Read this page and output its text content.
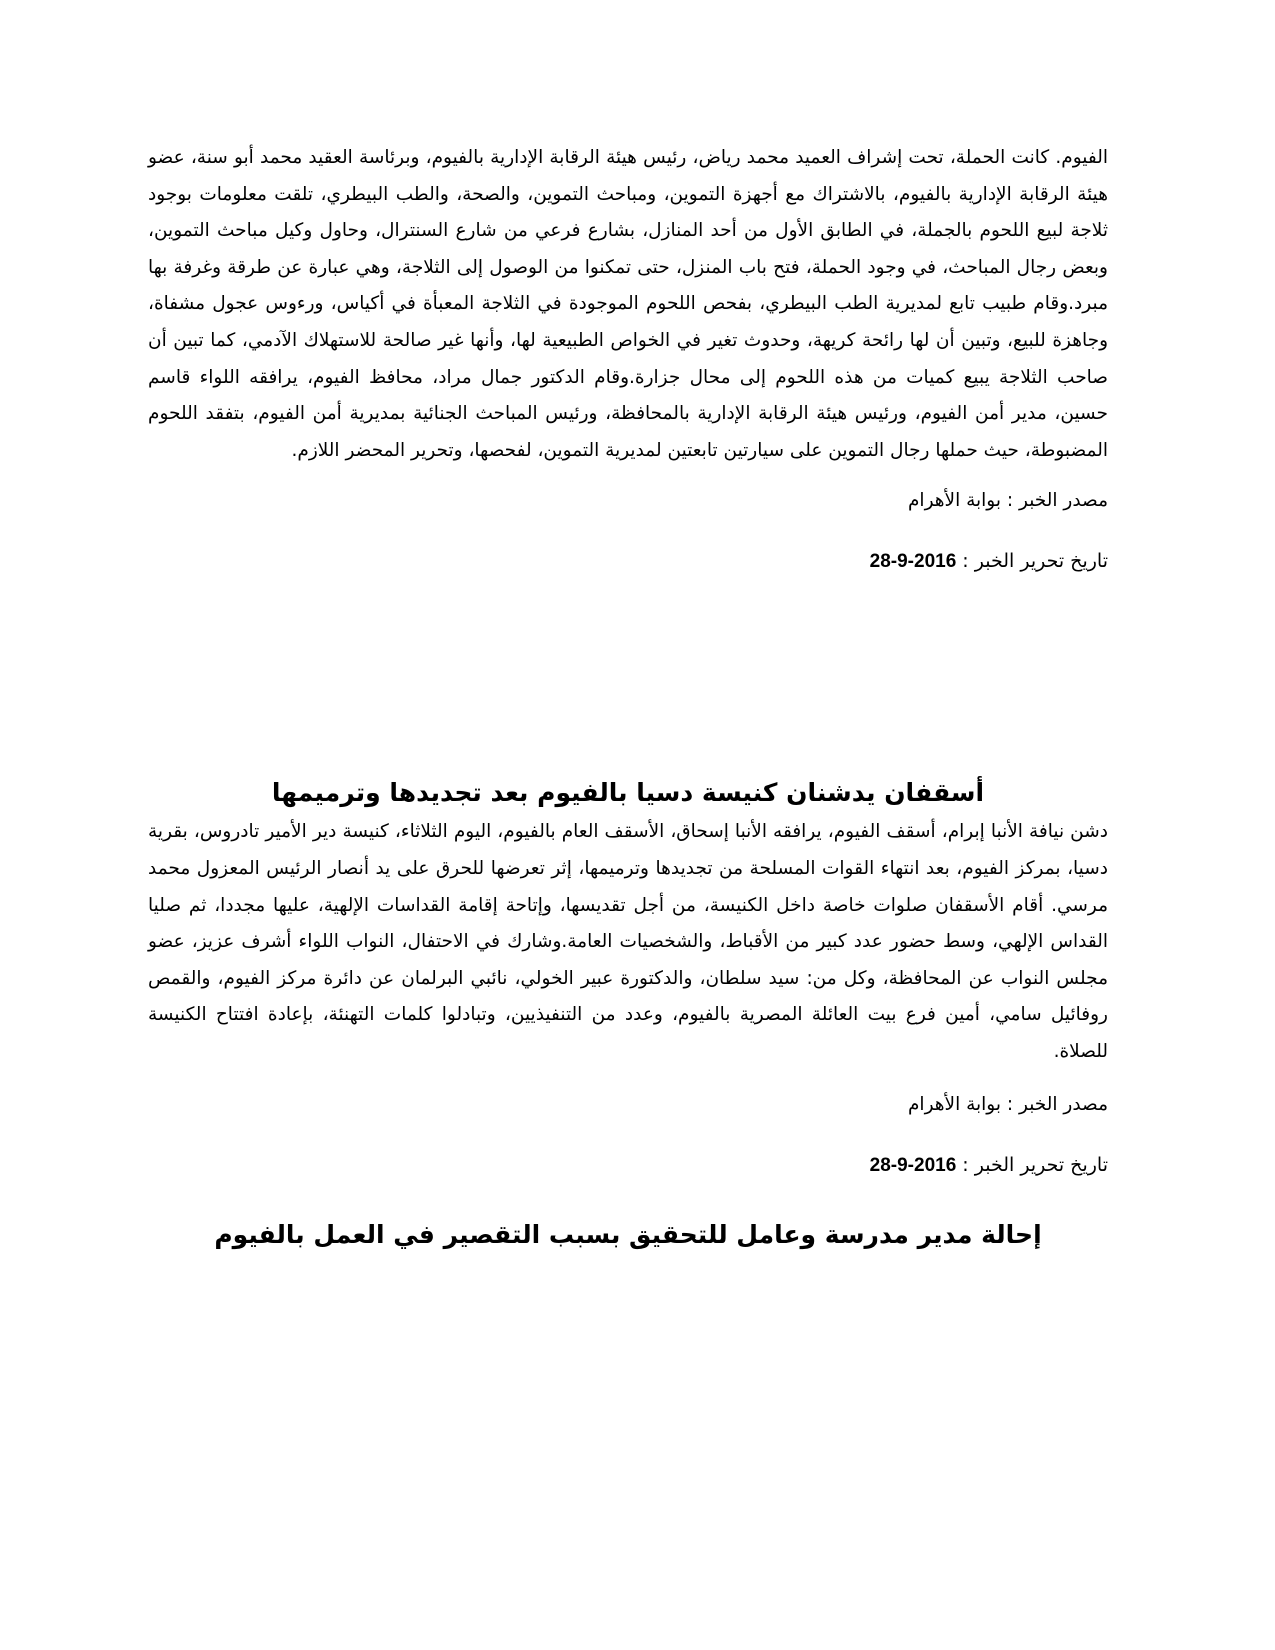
الفيوم. كانت الحملة، تحت إشراف العميد محمد رياض، رئيس هيئة الرقابة الإدارية بالفيوم، وبرئاسة العقيد محمد أبو سنة، عضو هيئة الرقابة الإدارية بالفيوم، بالاشتراك مع أجهزة التموين، ومباحث التموين، والصحة، والطب البيطري، تلقت معلومات بوجود ثلاجة لبيع اللحوم بالجملة، في الطابق الأول من أحد المنازل، بشارع فرعي من شارع السنترال، وحاول وكيل مباحث التموين، وبعض رجال المباحث، في وجود الحملة، فتح باب المنزل، حتى تمكنوا من الوصول إلى الثلاجة، وهي عبارة عن طرقة وغرفة بها مبرد.وقام طبيب تابع لمديرية الطب البيطري، بفحص اللحوم الموجودة في الثلاجة المعبأة في أكياس، ورءوس عجول مشفاة، وجاهزة للبيع، وتبين أن لها رائحة كريهة، وحدوث تغير في الخواص الطبيعية لها، وأنها غير صالحة للاستهلاك الآدمي، كما تبين أن صاحب الثلاجة يبيع كميات من هذه اللحوم إلى محال جزارة.وقام الدكتور جمال مراد، محافظ الفيوم، يرافقه اللواء قاسم حسين، مدير أمن الفيوم، ورئيس هيئة الرقابة الإدارية بالمحافظة، ورئيس المباحث الجنائية بمديرية أمن الفيوم، بتفقد اللحوم المضبوطة، حيث حملها رجال التموين على سيارتين تابعتين لمديرية التموين، لفحصها، وتحرير المحضر اللازم.

مصدر الخبر : بوابة الأهرام

تاريخ تحرير الخبر : 28-9-2016

أسقفان يدشنان كنيسة دسيا بالفيوم بعد تجديدها وترميمها

دشن نيافة الأنبا إبرام، أسقف الفيوم، يرافقه الأنبا إسحاق، الأسقف العام بالفيوم، اليوم الثلاثاء، كنيسة دير الأمير تادروس، بقرية دسيا، بمركز الفيوم، بعد انتهاء القوات المسلحة من تجديدها وترميمها، إثر تعرضها للحرق على يد أنصار الرئيس المعزول محمد مرسي. أقام الأسقفان صلوات خاصة داخل الكنيسة، من أجل تقديسها، وإتاحة إقامة القداسات الإلهية، عليها مجددا، ثم صليا القداس الإلهي، وسط حضور عدد كبير من الأقباط، والشخصيات العامة.وشارك في الاحتفال، النواب اللواء أشرف عزيز، عضو مجلس النواب عن المحافظة، وكل من: سيد سلطان، والدكتورة عبير الخولي، نائبي البرلمان عن دائرة مركز الفيوم، والقمص روفائيل سامي، أمين فرع بيت العائلة المصرية بالفيوم، وعدد من التنفيذيين، وتبادلوا كلمات التهنئة، بإعادة افتتاح الكنيسة للصلاة.

مصدر الخبر : بوابة الأهرام

تاريخ تحرير الخبر : 28-9-2016

إحالة مدير مدرسة وعامل للتحقيق بسبب التقصير في العمل بالفيوم
